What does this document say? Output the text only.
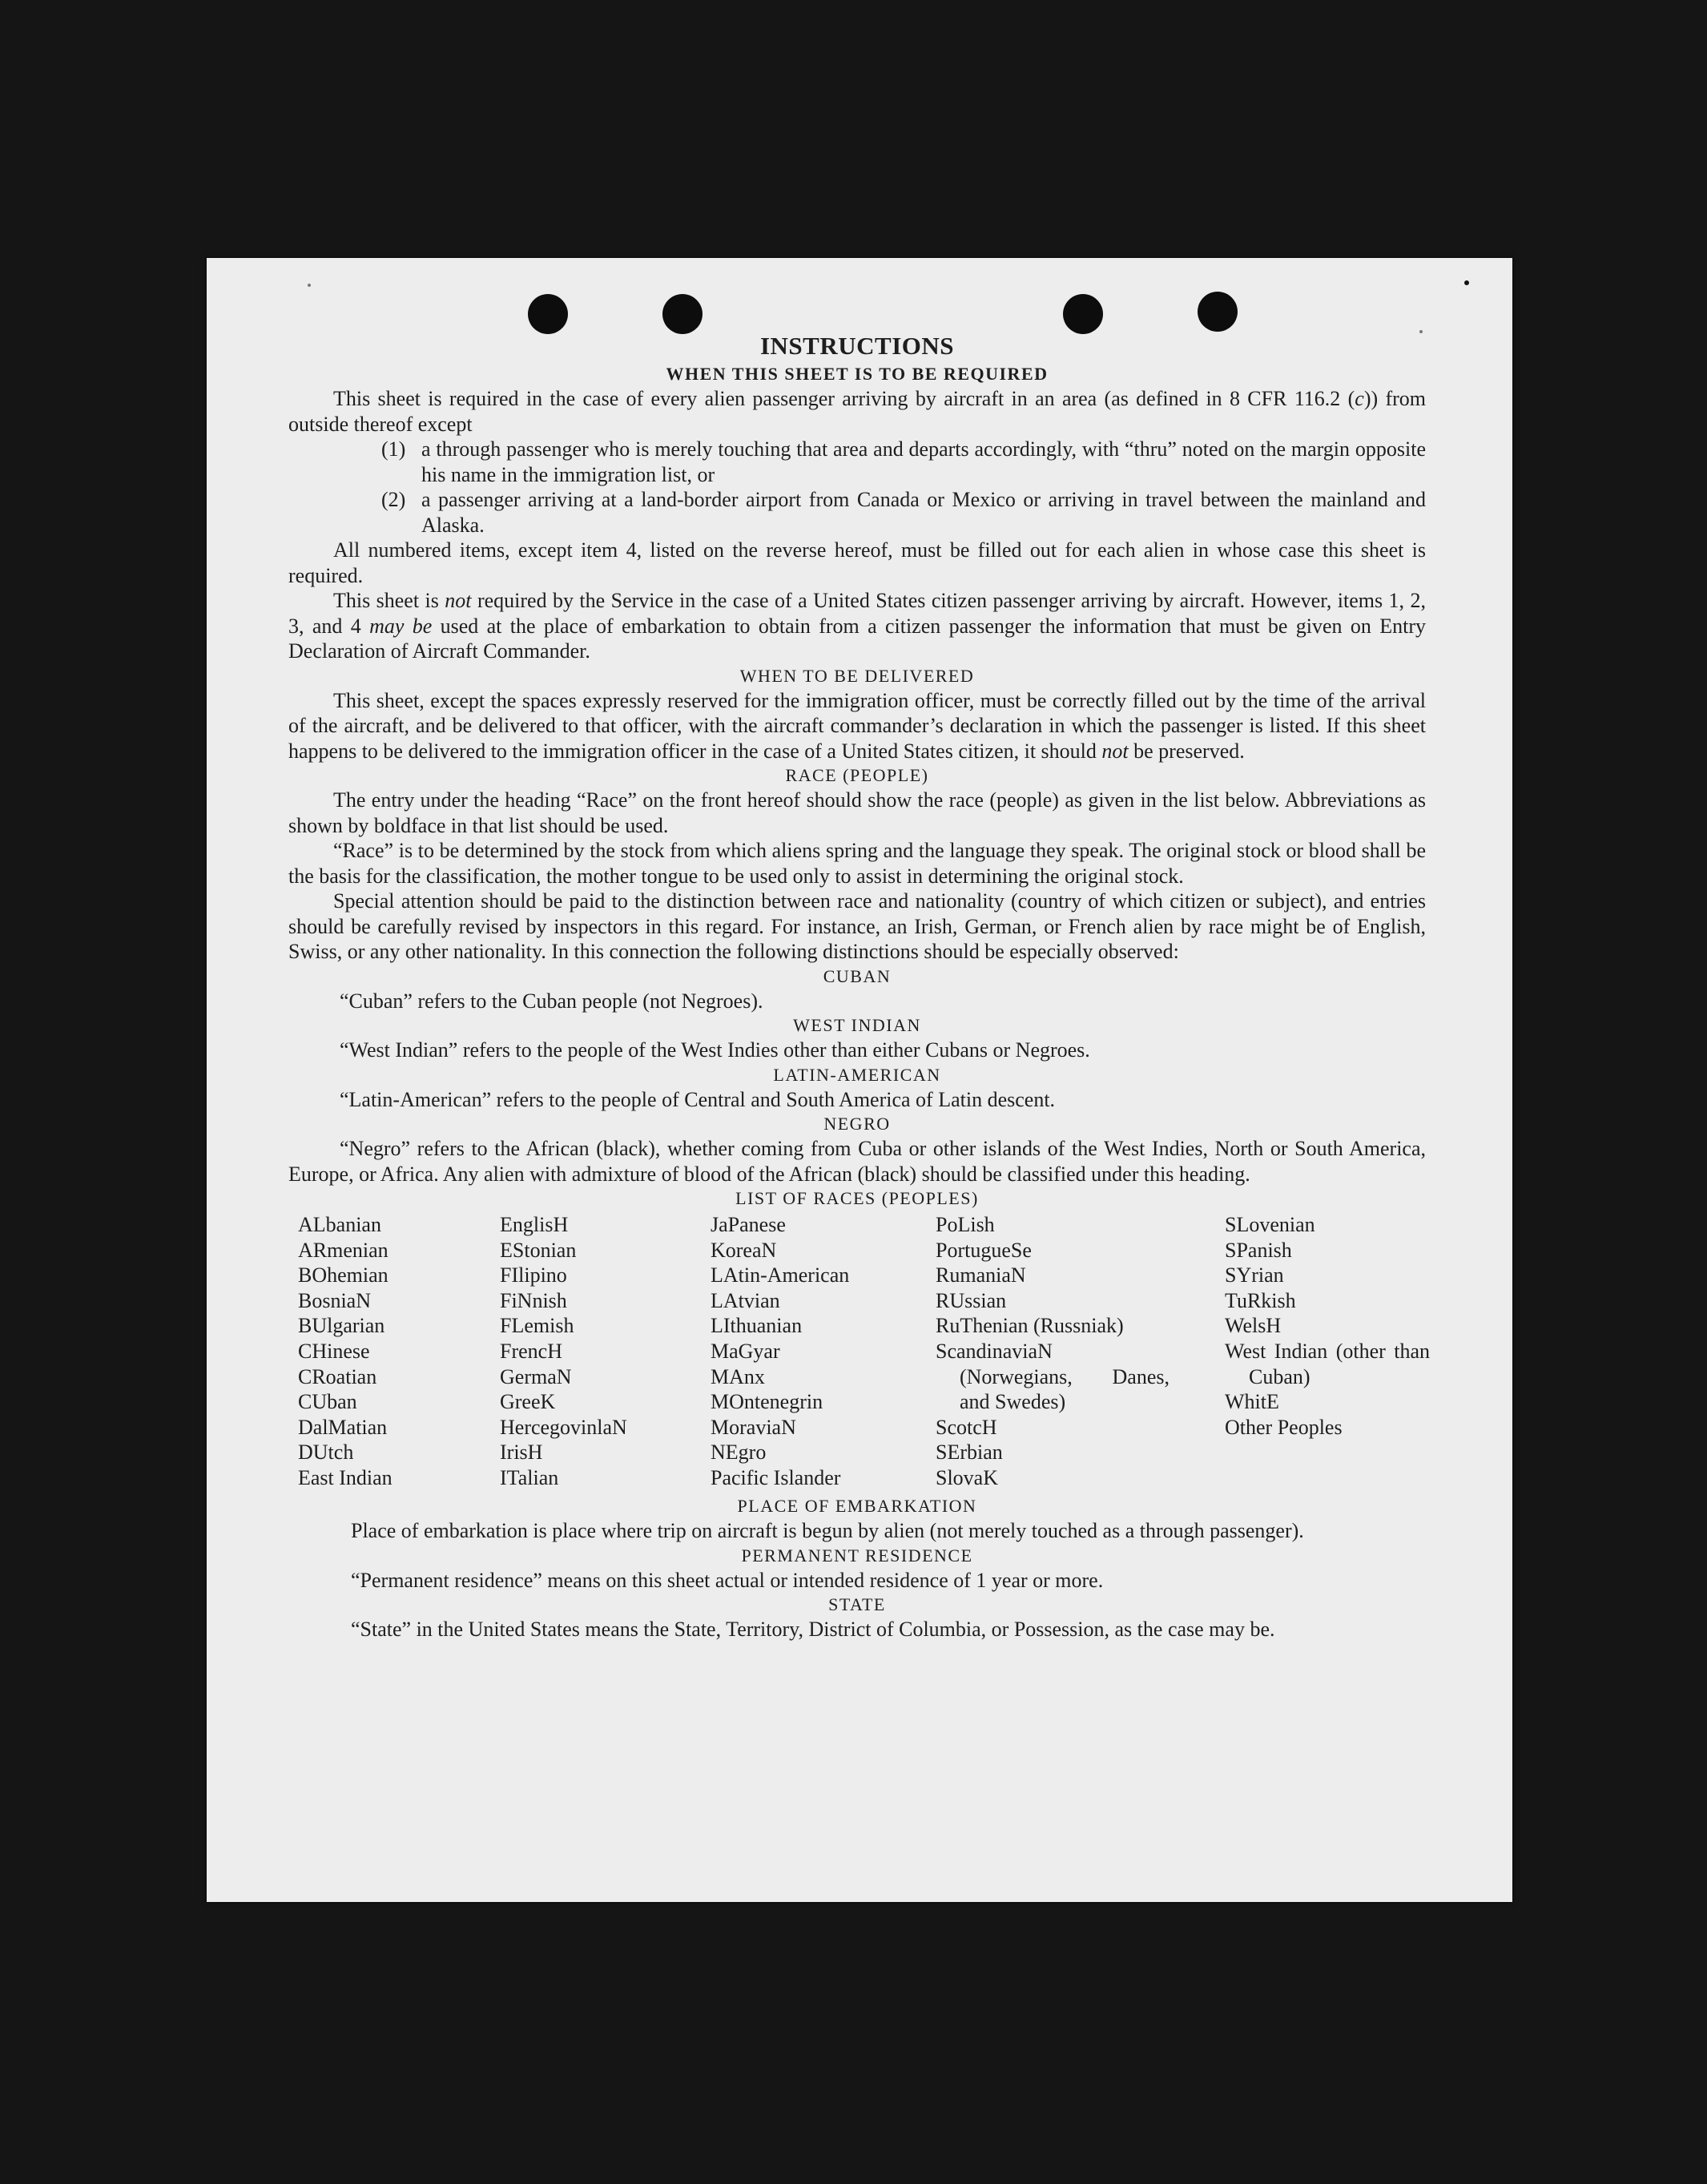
INSTRUCTIONS
WHEN THIS SHEET IS TO BE REQUIRED

This sheet is required in the case of every alien passenger arriving by aircraft in an area (as defined in 8 CFR 116.2 (c)) from outside thereof except

(1) a through passenger who is merely touching that area and departs accordingly, with “thru” noted on the margin opposite his name in the immigration list, or
(2) a passenger arriving at a land-border airport from Canada or Mexico or arriving in travel between the mainland and Alaska.

All numbered items, except item 4, listed on the reverse hereof, must be filled out for each alien in whose case this sheet is required.

This sheet is not required by the Service in the case of a United States citizen passenger arriving by aircraft. However, items 1, 2, 3, and 4 may be used at the place of embarkation to obtain from a citizen passenger the information that must be given on Entry Declaration of Aircraft Commander.

WHEN TO BE DELIVERED

This sheet, except the spaces expressly reserved for the immigration officer, must be correctly filled out by the time of the arrival of the aircraft, and be delivered to that officer, with the aircraft commander’s declaration in which the passenger is listed. If this sheet happens to be delivered to the immigration officer in the case of a United States citizen, it should not be preserved.

RACE (PEOPLE)

The entry under the heading “Race” on the front hereof should show the race (people) as given in the list below. Abbreviations as shown by boldface in that list should be used.

“Race” is to be determined by the stock from which aliens spring and the language they speak. The original stock or blood shall be the basis for the classification, the mother tongue to be used only to assist in determining the original stock.

Special attention should be paid to the distinction between race and nationality (country of which citizen or subject), and entries should be carefully revised by inspectors in this regard. For instance, an Irish, German, or French alien by race might be of English, Swiss, or any other nationality. In this connection the following distinctions should be especially observed:

CUBAN

“Cuban” refers to the Cuban people (not Negroes).

WEST INDIAN

“West Indian” refers to the people of the West Indies other than either Cubans or Negroes.

LATIN-AMERICAN

“Latin-American” refers to the people of Central and South America of Latin descent.

NEGRO

“Negro” refers to the African (black), whether coming from Cuba or other islands of the West Indies, North or South America, Europe, or Africa. Any alien with admixture of blood of the African (black) should be classified under this heading.

LIST OF RACES (PEOPLES)
ALbanian
ARmenian
BOhemian
BosniaN
BUlgarian
CHinese
CRoatian
CUban
DalMatian
DUtch
East Indian
EnglisH
EStonian
FIlipino
FiNnish
FLemish
FrencH
GermaN
GreeK
HercegovinlaN
IrisH
ITalian
JaPanese
KoreaN
LAtin-American
LAtvian
LIthuanian
MaGyar
MAnx
MOntenegrin
MoraviaN
NEgro
Pacific Islander
PoLish
PortugueSe
RumaniaN
RUssian
RuThenian (Russniak)
ScandinaviaN (Norwegians, Danes, and Swedes)
ScotcH
SErbian
SlovaK
SLovenian
SPanish
SYrian
TuRkish
WelsH
West Indian (other than Cuban)
WhitE
Other Peoples
PLACE OF EMBARKATION

Place of embarkation is place where trip on aircraft is begun by alien (not merely touched as a through passenger).

PERMANENT RESIDENCE

“Permanent residence” means on this sheet actual or intended residence of 1 year or more.

STATE

“State” in the United States means the State, Territory, District of Columbia, or Possession, as the case may be.
